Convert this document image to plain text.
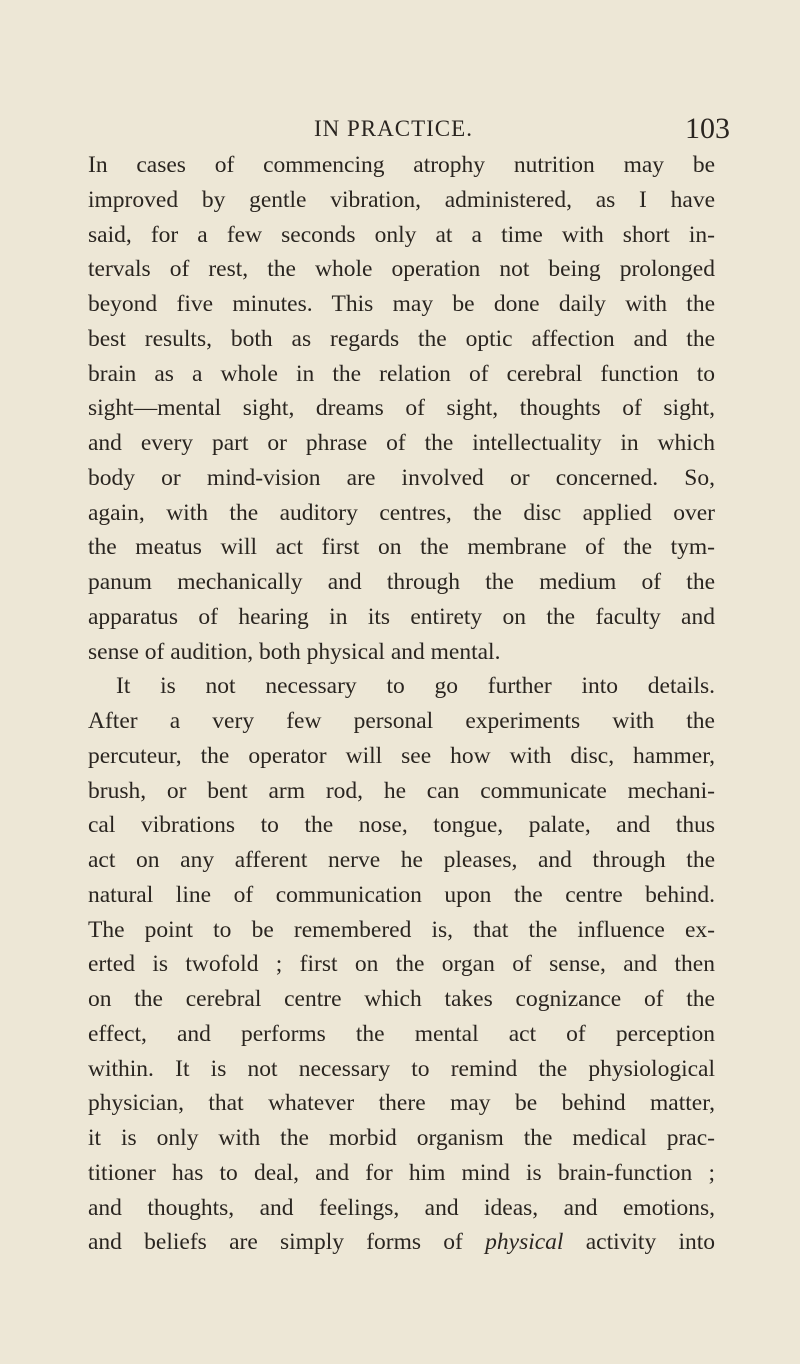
IN PRACTICE.	103
In cases of commencing atrophy nutrition may be
improved by gentle vibration, administered, as I have
said, for a few seconds only at a time with short in-
tervals of rest, the whole operation not being prolonged
beyond five minutes. This may be done daily with the
best results, both as regards the optic affection and the
brain as a whole in the relation of cerebral function to
sight—mental sight, dreams of sight, thoughts of sight,
and every part or phrase of the intellectuality in which
body or mind-vision are involved or concerned. So,
again, with the auditory centres, the disc applied over
the meatus will act first on the membrane of the tym-
panum mechanically and through the medium of the
apparatus of hearing in its entirety on the faculty and
sense of audition, both physical and mental.
It is not necessary to go further into details.
After a very few personal experiments with the
percuteur, the operator will see how with disc, hammer,
brush, or bent arm rod, he can communicate mechani-
cal vibrations to the nose, tongue, palate, and thus
act on any afferent nerve he pleases, and through the
natural line of communication upon the centre behind.
The point to be remembered is, that the influence ex-
erted is twofold ; first on the organ of sense, and then
on the cerebral centre which takes cognizance of the
effect, and performs the mental act of perception
within. It is not necessary to remind the physiological
physician, that whatever there may be behind matter,
it is only with the morbid organism the medical prac-
titioner has to deal, and for him mind is brain-function ;
and thoughts, and feelings, and ideas, and emotions,
and beliefs are simply forms of physical activity into
